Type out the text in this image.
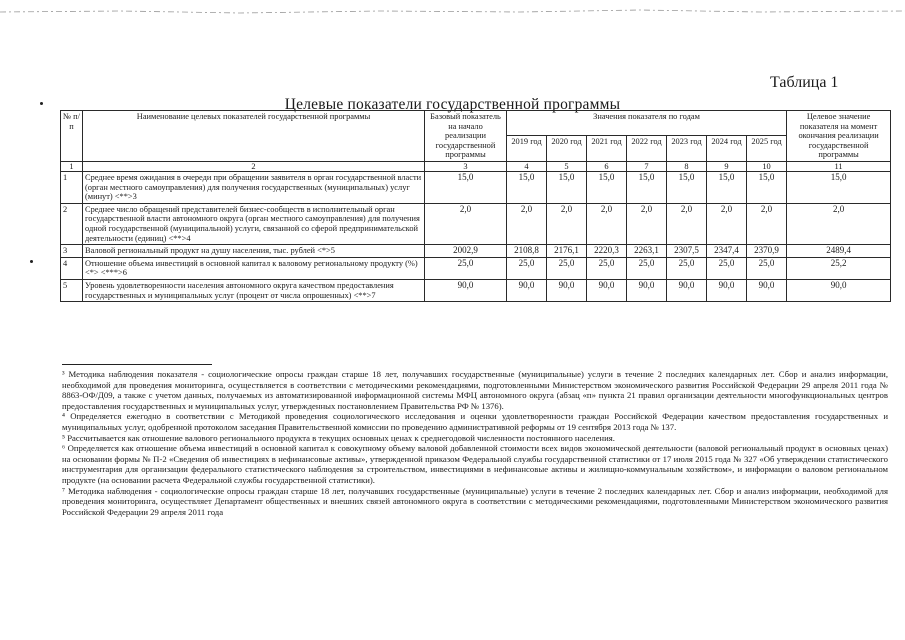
Таблица 1
Целевые показатели государственной программы
№ п/п	Наименование целевых показателей государственной программы	Базовый показатель на начало реализации государственной программы	Значения показателя по годам							Целевое значение показателя на момент окончания реализации государственной программы
			2019 год	2020 год	2021 год	2022 год	2023 год	2024 год	2025 год	
1	2	3	4	5	6	7	8	9	10	11
1	Среднее время ожидания в очереди при обращении заявителя в орган государственной власти (орган местного самоуправления) для получения государственных (муниципальных) услуг (минут) <**>3	15,0	15,0	15,0	15,0	15,0	15,0	15,0	15,0	15,0
2	Среднее число обращений представителей бизнес-сообществ в исполнительный орган государственной власти автономного округа (орган местного самоуправления) для получения одной государственной (муниципальной) услуги, связанной со сферой предпринимательской деятельности (единиц) <**>4	2,0	2,0	2,0	2,0	2,0	2,0	2,0	2,0	2,0
3	Валовой региональный продукт на душу населения, тыс. рублей <*>5	2002,9	2108,8	2176,1	2220,3	2263,1	2307,5	2347,4	2370,9	2489,4
4	Отношение объема инвестиций в основной капитал к валовому региональному продукту (%) <*> <***>6	25,0	25,0	25,0	25,0	25,0	25,0	25,0	25,0	25,2
5	Уровень удовлетворенности населения автономного округа качеством предоставления государственных и муниципальных услуг (процент от числа опрошенных) <**>7	90,0	90,0	90,0	90,0	90,0	90,0	90,0	90,0	90,0

³ Методика наблюдения показателя - социологические опросы граждан старше 18 лет, получавших государственные (муниципальные) услуги в течение 2 последних календарных лет. Сбор и анализ информации, необходимой для проведения мониторинга, осуществляется в соответствии с методическими рекомендациями, подготовленными Министерством экономического развития Российской Федерации 29 апреля 2011 года № 8863-ОФ/Д09, а также с учетом данных, получаемых из автоматизированной информационной системы МФЦ автономного округа (абзац «п» пункта 21 правил организации деятельности многофункциональных центров предоставления государственных и муниципальных услуг, утвержденных постановлением Правительства РФ № 1376).

⁴ Определяется ежегодно в соответствии с Методикой проведения социологического исследования и оценки удовлетворенности граждан Российской Федерации качеством предоставления государственных и муниципальных услуг, одобренной протоколом заседания Правительственной комиссии по проведению административной реформы от 19 сентября 2013 года № 137.

⁵ Рассчитывается как отношение валового регионального продукта в текущих основных ценах к среднегодовой численности постоянного населения.

⁶ Определяется как отношение объема инвестиций в основной капитал к совокупному объему валовой добавленной стоимости всех видов экономической деятельности (валовой региональный продукт в основных ценах) на основании формы № П-2 «Сведения об инвестициях в нефинансовые активы», утвержденной приказом Федеральной службы государственной статистики от 17 июля 2015 года № 327 «Об утверждении статистического инструментария для организации федерального статистического наблюдения за строительством, инвестициями в нефинансовые активы и жилищно-коммунальным хозяйством», и информации о валовом региональном продукте (на основании расчета Федеральной службы государственной статистики).

⁷ Методика наблюдения - социологические опросы граждан старше 18 лет, получавших государственные (муниципальные) услуги в течение 2 последних календарных лет. Сбор и анализ информации, необходимой для проведения мониторинга, осуществляет Департамент общественных и внешних связей автономного округа в соответствии с методическими рекомендациями, подготовленными Министерством экономического развития Российской Федерации 29 апреля 2011 года
